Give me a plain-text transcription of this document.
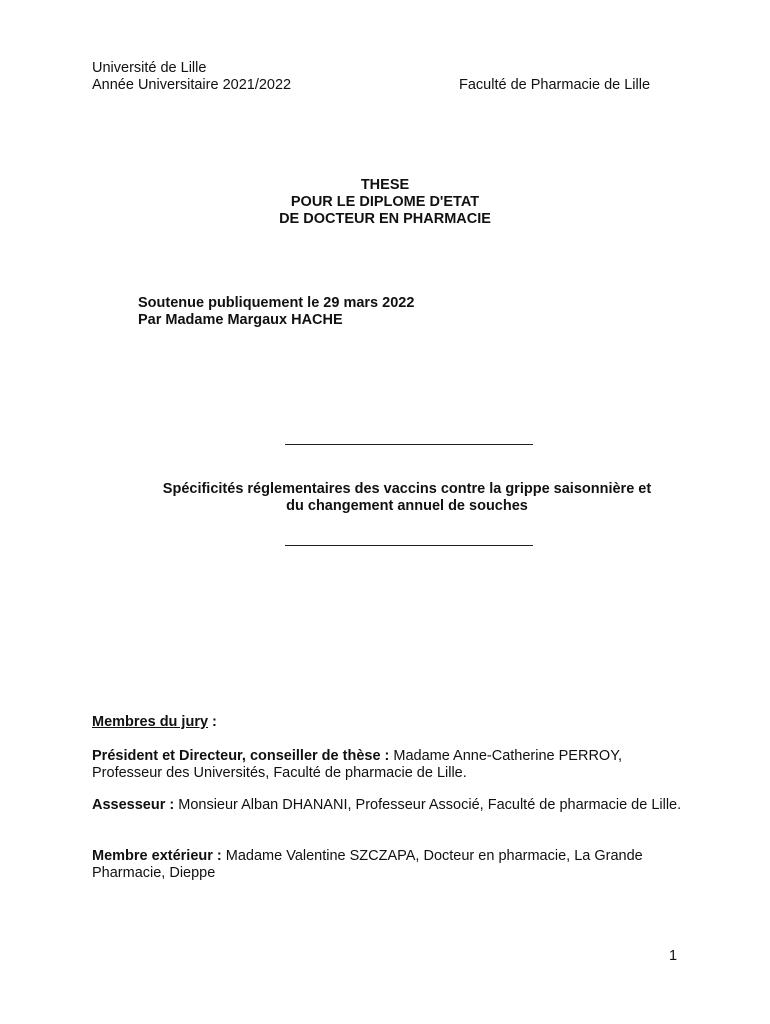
Université de Lille
Année Universitaire 2021/2022	Faculté de Pharmacie de Lille
THESE
POUR LE DIPLOME D'ETAT
DE DOCTEUR EN PHARMACIE
Soutenue publiquement le 29 mars 2022
Par Madame Margaux HACHE
Spécificités réglementaires des vaccins contre la grippe saisonnière et
du changement annuel de souches
Membres du jury :
Président et Directeur, conseiller de thèse : Madame Anne-Catherine PERROY, Professeur des Universités, Faculté de pharmacie de Lille.
Assesseur : Monsieur Alban DHANANI, Professeur Associé, Faculté de pharmacie de Lille.
Membre extérieur : Madame Valentine SZCZAPA, Docteur en pharmacie, La Grande Pharmacie, Dieppe
1
